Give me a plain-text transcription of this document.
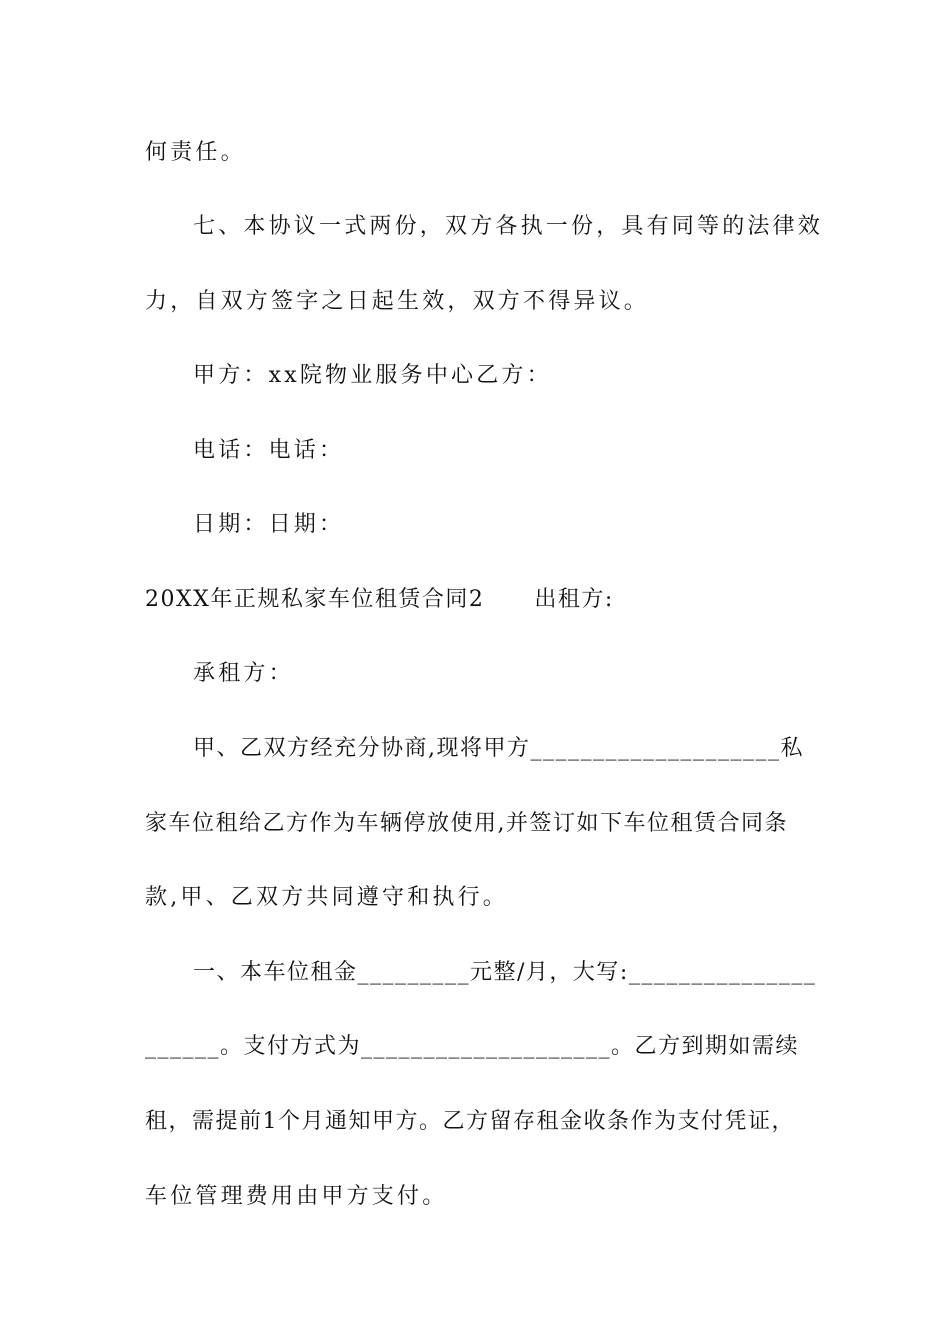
何责任。
七、本协议一式两份，双方各执一份，具有同等的法律效
力，自双方签字之日起生效，双方不得异议。
甲方：xx院物业服务中心乙方：
电话：电话：
日期：日期：
20XX年正规私家车位租赁合同2 出租方:
承租方：
甲、乙双方经充分协商,现将甲方____________________私
家车位租给乙方作为车辆停放使用,并签订如下车位租赁合同条
款,甲、乙双方共同遵守和执行。
一、本车位租金_________元整/月，大写:_______________
______。支付方式为____________________。乙方到期如需续
租，需提前1个月通知甲方。乙方留存租金收条作为支付凭证，
车位管理费用由甲方支付。
